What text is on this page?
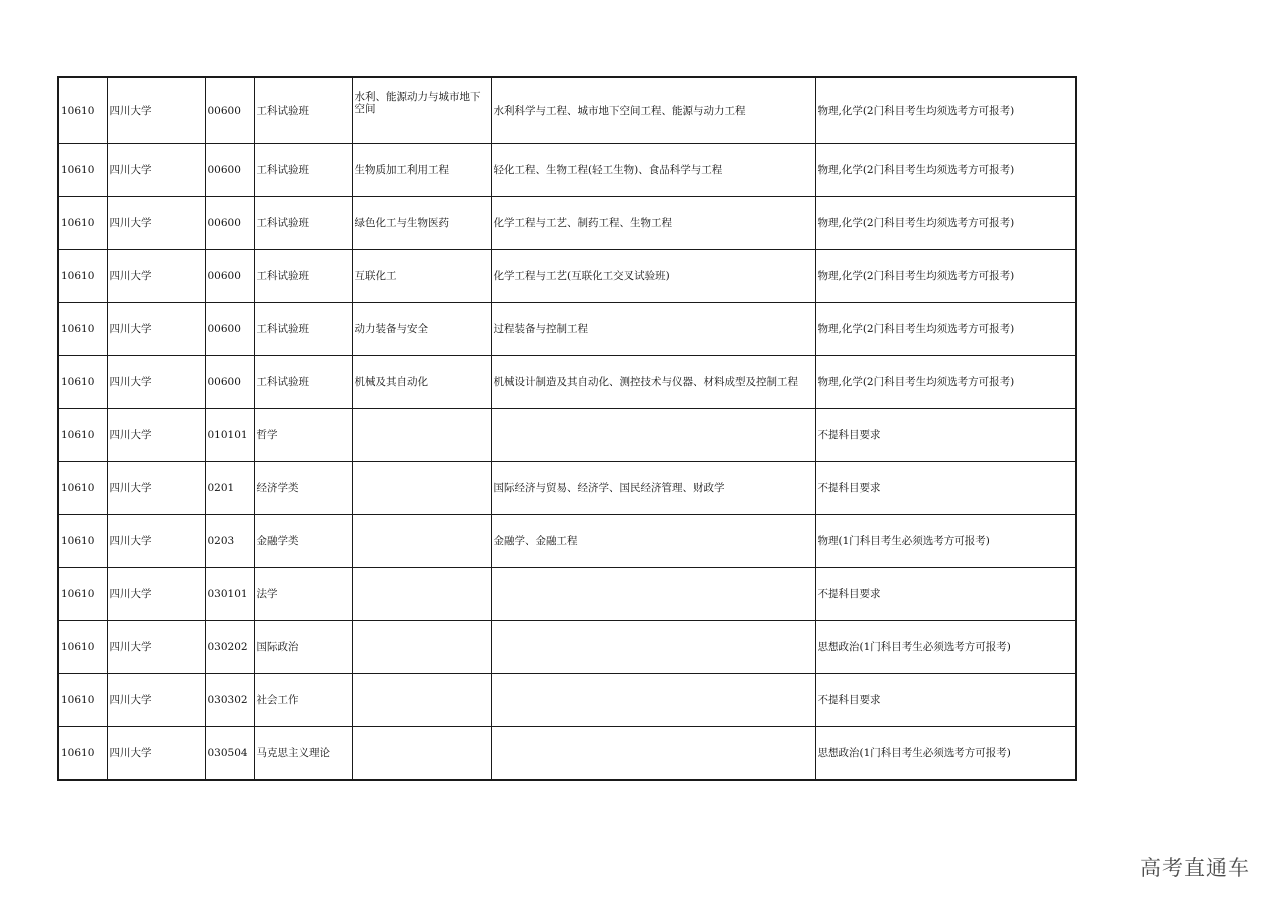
10610	四川大学	00600	工科试验班	水利、能源动力与城市地下空间	水利科学与工程、城市地下空间工程、能源与动力工程	物理,化学(2门科目考生均须选考方可报考)
10610	四川大学	00600	工科试验班	生物质加工利用工程	轻化工程、生物工程(轻工生物)、食品科学与工程	物理,化学(2门科目考生均须选考方可报考)
10610	四川大学	00600	工科试验班	绿色化工与生物医药	化学工程与工艺、制药工程、生物工程	物理,化学(2门科目考生均须选考方可报考)
10610	四川大学	00600	工科试验班	互联化工	化学工程与工艺(互联化工交叉试验班)	物理,化学(2门科目考生均须选考方可报考)
10610	四川大学	00600	工科试验班	动力装备与安全	过程装备与控制工程	物理,化学(2门科目考生均须选考方可报考)
10610	四川大学	00600	工科试验班	机械及其自动化	机械设计制造及其自动化、测控技术与仪器、材料成型及控制工程	物理,化学(2门科目考生均须选考方可报考)
10610	四川大学	010101	哲学			不提科目要求
10610	四川大学	0201	经济学类		国际经济与贸易、经济学、国民经济管理、财政学	不提科目要求
10610	四川大学	0203	金融学类		金融学、金融工程	物理(1门科目考生必须选考方可报考)
10610	四川大学	030101	法学			不提科目要求
10610	四川大学	030202	国际政治			思想政治(1门科目考生必须选考方可报考)
10610	四川大学	030302	社会工作			不提科目要求
10610	四川大学	030504	马克思主义理论			思想政治(1门科目考生必须选考方可报考)
高考直通车
